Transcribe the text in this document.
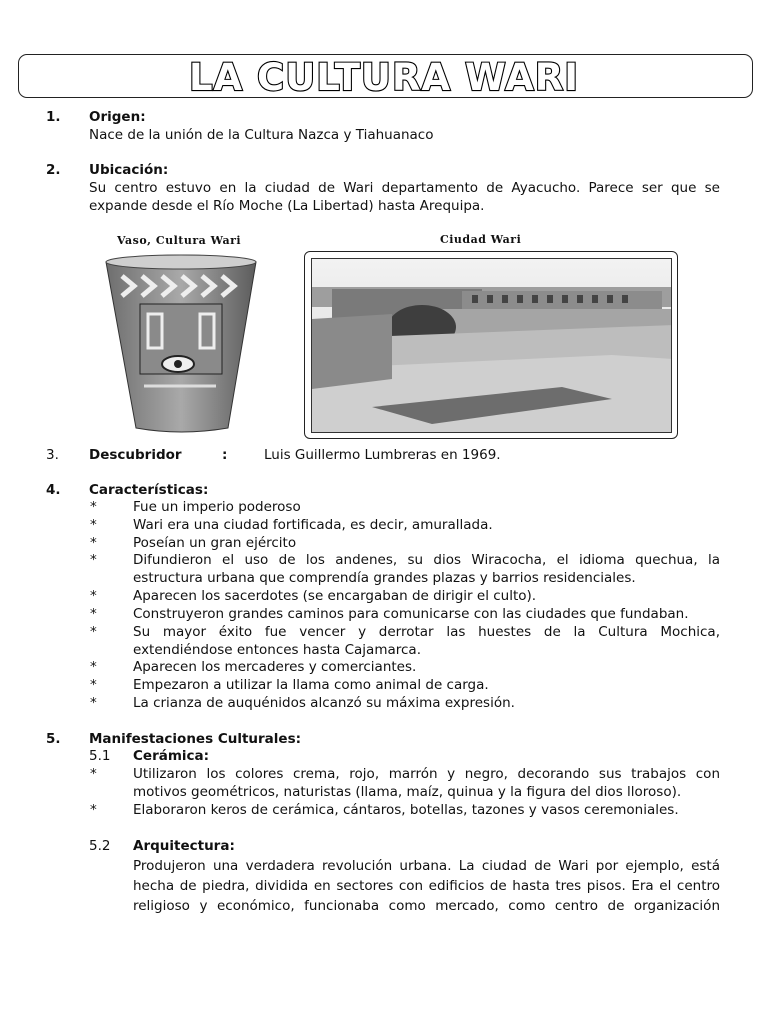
LA CULTURA WARI
1. Origen:
Nace de la unión de la Cultura Nazca y Tiahuanaco
2. Ubicación:
Su centro estuvo en la ciudad de Wari departamento de Ayacucho. Parece ser que se
expande desde el Río Moche (La Libertad) hasta Arequipa.
Vaso, Cultura Wari	Ciudad Wari
3. Descubridor	:	Luis Guillermo Lumbreras en 1969.
4. Características:
*	Fue un imperio poderoso
*	Wari era una ciudad fortificada, es decir, amurallada.
*	Poseían un gran ejército
*	Difundieron el uso de los andenes, su dios Wiracocha, el idioma quechua, la
estructura urbana que comprendía grandes plazas y barrios residenciales.
*	Aparecen los sacerdotes (se encargaban de dirigir el culto).
*	Construyeron grandes caminos para comunicarse con las ciudades que fundaban.
*	Su mayor éxito fue vencer y derrotar las huestes de la Cultura Mochica,
extendiéndose entonces hasta Cajamarca.
*	Aparecen los mercaderes y comerciantes.
*	Empezaron a utilizar la llama como animal de carga.
*	La crianza de auquénidos alcanzó su máxima expresión.
5. Manifestaciones Culturales:
5.1 Cerámica:
*	Utilizaron los colores crema, rojo, marrón y negro, decorando sus trabajos con
motivos geométricos, naturistas (llama, maíz, quinua y la figura del dios lloroso).
*	Elaboraron keros de cerámica, cántaros, botellas, tazones y vasos ceremoniales.
5.2 Arquitectura:
Produjeron una verdadera revolución urbana. La ciudad de Wari por ejemplo, está
hecha de piedra, dividida en sectores con edificios de hasta tres pisos. Era el centro
religioso y económico, funcionaba como mercado, como centro de organización
